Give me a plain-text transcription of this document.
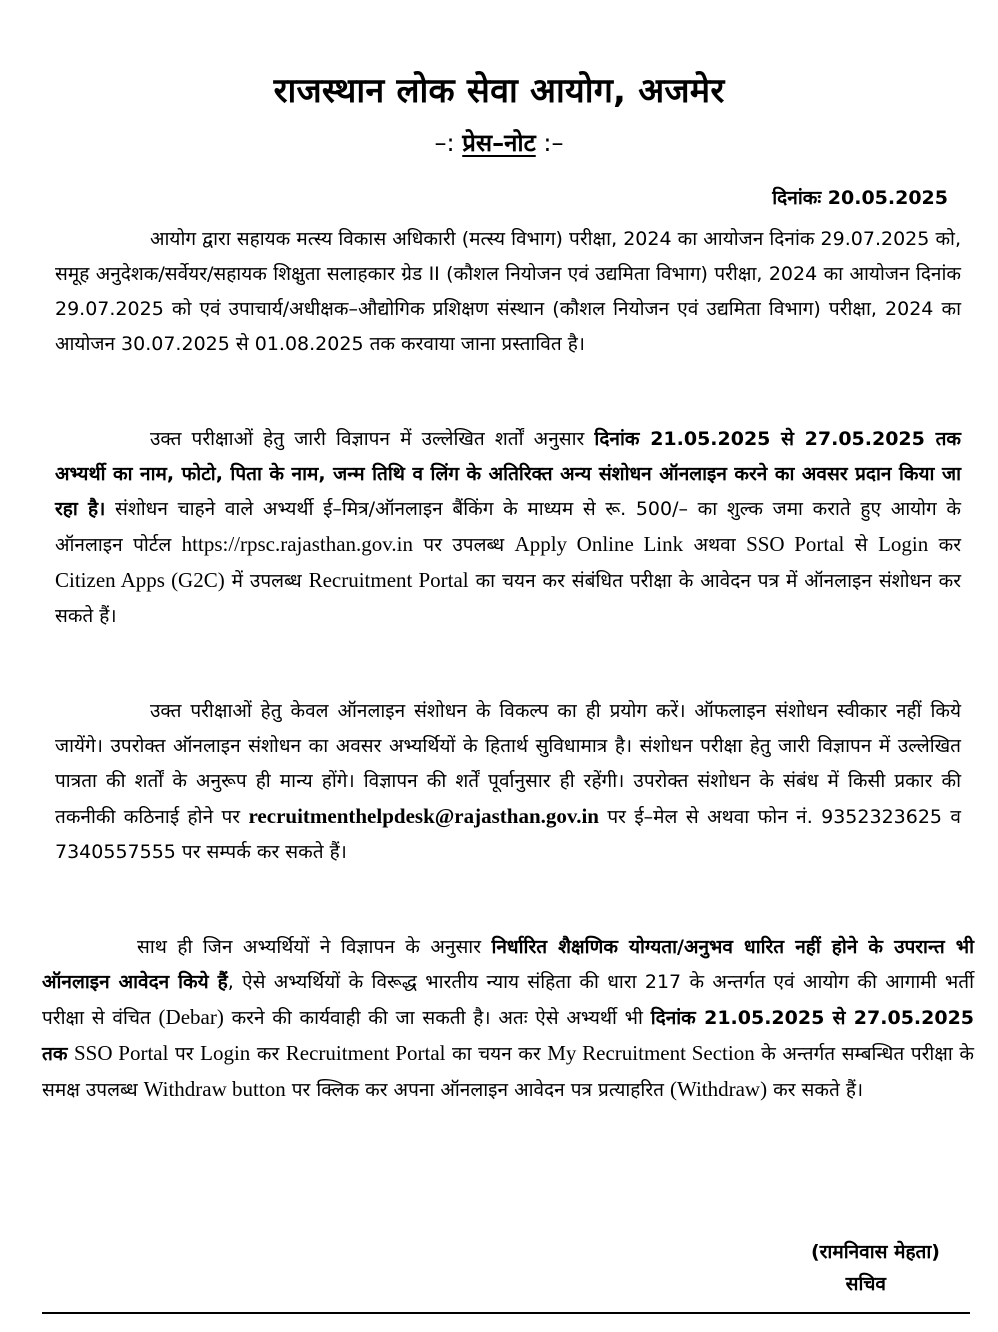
राजस्थान लोक सेवा आयोग, अजमेर
–: प्रेस–नोट :–
दिनांकः 20.05.2025

आयोग द्वारा सहायक मत्स्य विकास अधिकारी (मत्स्य विभाग) परीक्षा, 2024 का आयोजन दिनांक 29.07.2025 को, समूह अनुदेशक/सर्वेयर/सहायक शिक्षुता सलाहकार ग्रेड II (कौशल नियोजन एवं उद्यमिता विभाग) परीक्षा, 2024 का आयोजन दिनांक 29.07.2025 को एवं उपाचार्य/अधीक्षक–औद्योगिक प्रशिक्षण संस्थान (कौशल नियोजन एवं उद्यमिता विभाग) परीक्षा, 2024 का आयोजन 30.07.2025 से 01.08.2025 तक करवाया जाना प्रस्तावित है।

उक्त परीक्षाओं हेतु जारी विज्ञापन में उल्लेखित शर्तों अनुसार दिनांक 21.05.2025 से 27.05.2025 तक अभ्यर्थी का नाम, फोटो, पिता के नाम, जन्म तिथि व लिंग के अतिरिक्त अन्य संशोधन ऑनलाइन करने का अवसर प्रदान किया जा रहा है। संशोधन चाहने वाले अभ्यर्थी ई–मित्र/ऑनलाइन बैंकिंग के माध्यम से रू. 500/– का शुल्क जमा कराते हुए आयोग के ऑनलाइन पोर्टल https://rpsc.rajasthan.gov.in पर उपलब्ध Apply Online Link अथवा SSO Portal से Login कर Citizen Apps (G2C) में उपलब्ध Recruitment Portal का चयन कर संबंधित परीक्षा के आवेदन पत्र में ऑनलाइन संशोधन कर सकते हैं।

उक्त परीक्षाओं हेतु केवल ऑनलाइन संशोधन के विकल्प का ही प्रयोग करें। ऑफलाइन संशोधन स्वीकार नहीं किये जायेंगे। उपरोक्त ऑनलाइन संशोधन का अवसर अभ्यर्थियों के हितार्थ सुविधामात्र है। संशोधन परीक्षा हेतु जारी विज्ञापन में उल्लेखित पात्रता की शर्तों के अनुरूप ही मान्य होंगे। विज्ञापन की शर्तें पूर्वानुसार ही रहेंगी। उपरोक्त संशोधन के संबंध में किसी प्रकार की तकनीकी कठिनाई होने पर recruitmenthelpdesk@rajasthan.gov.in पर ई–मेल से अथवा फोन नं. 9352323625 व 7340557555 पर सम्पर्क कर सकते हैं।

साथ ही जिन अभ्यर्थियों ने विज्ञापन के अनुसार निर्धारित शैक्षणिक योग्यता/अनुभव धारित नहीं होने के उपरान्त भी ऑनलाइन आवेदन किये हैं, ऐसे अभ्यर्थियों के विरूद्ध भारतीय न्याय संहिता की धारा 217 के अन्तर्गत एवं आयोग की आगामी भर्ती परीक्षा से वंचित (Debar) करने की कार्यवाही की जा सकती है। अतः ऐसे अभ्यर्थी भी दिनांक 21.05.2025 से 27.05.2025 तक SSO Portal पर Login कर Recruitment Portal का चयन कर My Recruitment Section के अन्तर्गत सम्बन्धित परीक्षा के समक्ष उपलब्ध Withdraw button पर क्लिक कर अपना ऑनलाइन आवेदन पत्र प्रत्याहरित (Withdraw) कर सकते हैं।

(रामनिवास मेहता)
सचिव
